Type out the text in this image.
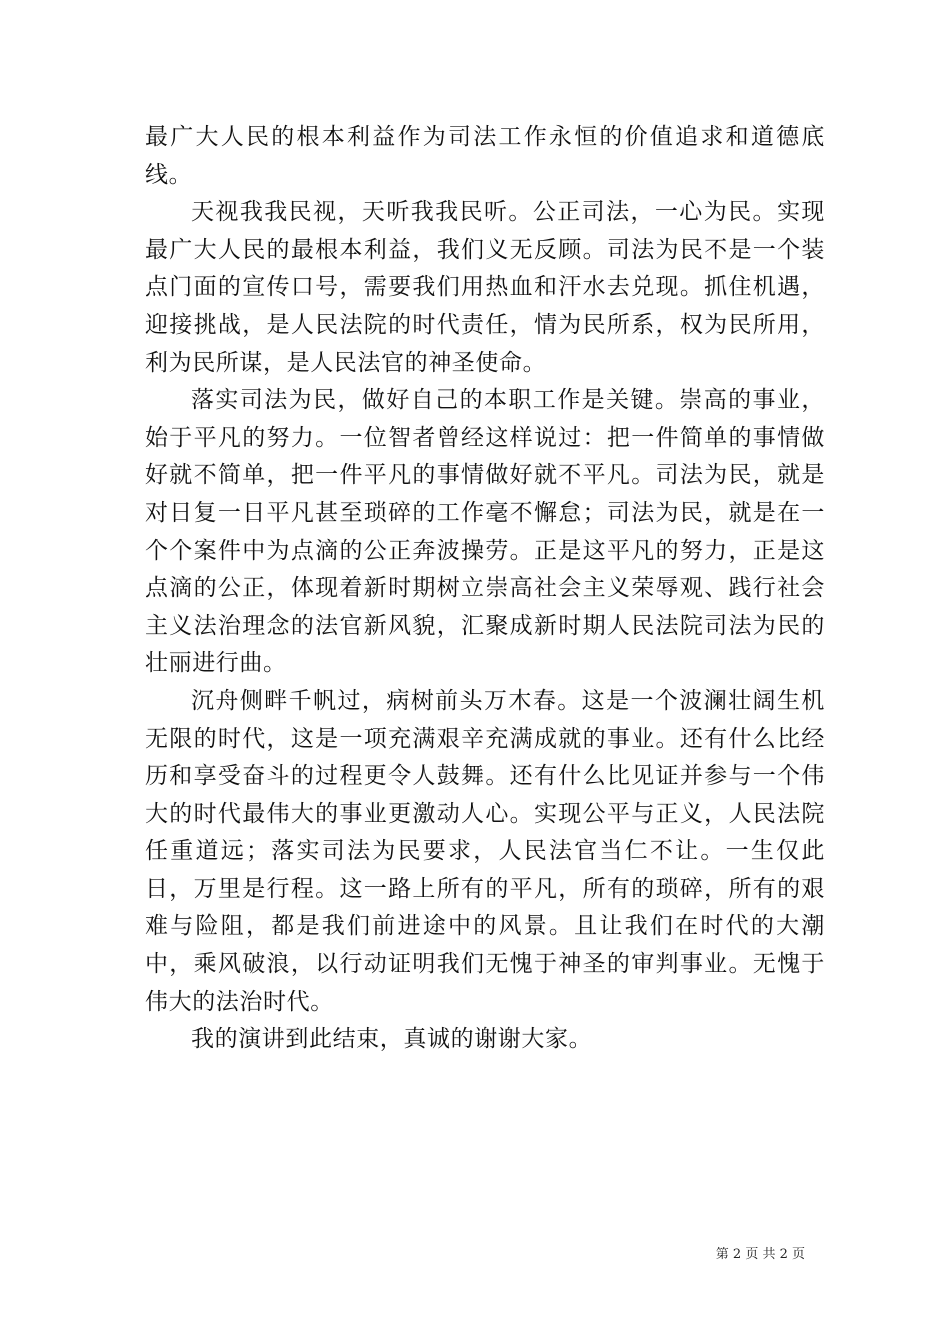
最广大人民的根本利益作为司法工作永恒的价值追求和道德底线。

天视我我民视，天听我我民听。公正司法，一心为民。实现最广大人民的最根本利益，我们义无反顾。司法为民不是一个装点门面的宣传口号，需要我们用热血和汗水去兑现。抓住机遇，迎接挑战，是人民法院的时代责任，情为民所系，权为民所用，利为民所谋，是人民法官的神圣使命。

落实司法为民，做好自己的本职工作是关键。崇高的事业，始于平凡的努力。一位智者曾经这样说过：把一件简单的事情做好就不简单，把一件平凡的事情做好就不平凡。司法为民，就是对日复一日平凡甚至琐碎的工作毫不懈怠；司法为民，就是在一个个案件中为点滴的公正奔波操劳。正是这平凡的努力，正是这点滴的公正，体现着新时期树立崇高社会主义荣辱观、践行社会主义法治理念的法官新风貌，汇聚成新时期人民法院司法为民的壮丽进行曲。

沉舟侧畔千帆过，病树前头万木春。这是一个波澜壮阔生机无限的时代，这是一项充满艰辛充满成就的事业。还有什么比经历和享受奋斗的过程更令人鼓舞。还有什么比见证并参与一个伟大的时代最伟大的事业更激动人心。实现公平与正义，人民法院任重道远；落实司法为民要求，人民法官当仁不让。一生仅此日，万里是行程。这一路上所有的平凡，所有的琐碎，所有的艰难与险阻，都是我们前进途中的风景。且让我们在时代的大潮中，乘风破浪，以行动证明我们无愧于神圣的审判事业。无愧于伟大的法治时代。

我的演讲到此结束，真诚的谢谢大家。

第 2 页 共 2 页
